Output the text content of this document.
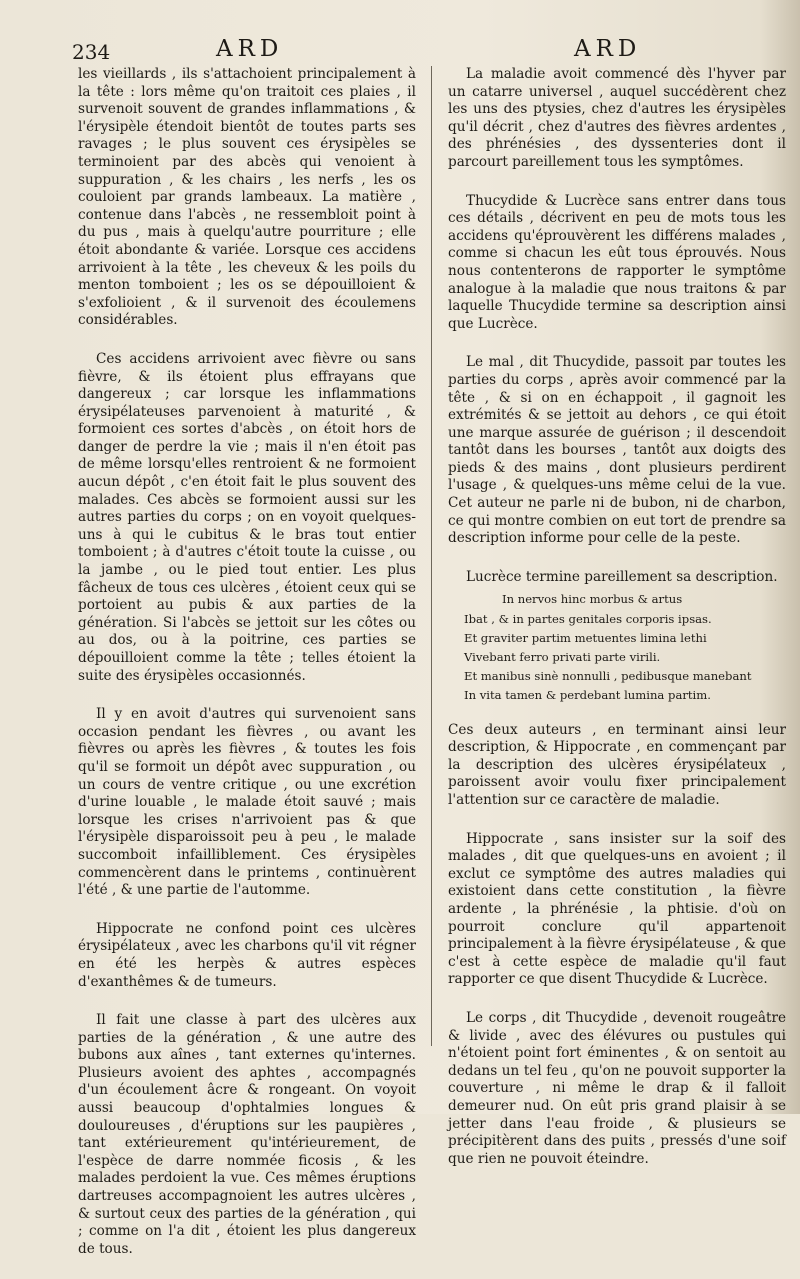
234	ARD	ARD

les vieillards , ils s'attachoient principalement à la tête : lors même qu'on traitoit ces plaies , il survenoit souvent de grandes inflammations , & l'érysipèle étendoit bientôt de toutes parts ses ravages ; le plus souvent ces érysipèles se terminoient par des abcès qui venoient à suppuration , & les chairs , les nerfs , les os couloient par grands lambeaux. La matière , contenue dans l'abcès , ne ressembloit point à du pus , mais à quelqu'autre pourriture ; elle étoit abondante & variée. Lorsque ces accidens arrivoient à la tête , les cheveux & les poils du menton tomboient ; les os se dépouilloient & s'exfolioient , & il survenoit des écoulemens considérables.

Ces accidens arrivoient avec fièvre ou sans fièvre, & ils étoient plus effrayans que dangereux ; car lorsque les inflammations érysipélateuses parvenoient à maturité , & formoient ces sortes d'abcès , on étoit hors de danger de perdre la vie ; mais il n'en étoit pas de même lorsqu'elles rentroient & ne formoient aucun dépôt , c'en étoit fait le plus souvent des malades. Ces abcès se formoient aussi sur les autres parties du corps ; on en voyoit quelques-uns à qui le cubitus & le bras tout entier tomboient ; à d'autres c'étoit toute la cuisse , ou la jambe , ou le pied tout entier. Les plus fâcheux de tous ces ulcères , étoient ceux qui se portoient au pubis & aux parties de la génération. Si l'abcès se jettoit sur les côtes ou au dos, ou à la poitrine, ces parties se dépouilloient comme la tête ; telles étoient la suite des érysipèles occasionnés.

Il y en avoit d'autres qui survenoient sans occasion pendant les fièvres , ou avant les fièvres ou après les fièvres , & toutes les fois qu'il se formoit un dépôt avec suppuration , ou un cours de ventre critique , ou une excrétion d'urine louable , le malade étoit sauvé ; mais lorsque les crises n'arrivoient pas & que l'érysipèle disparoissoit peu à peu , le malade succomboit infailliblement. Ces érysipèles commencèrent dans le printems , continuèrent l'été , & une partie de l'automme.

Hippocrate ne confond point ces ulcères érysipélateux , avec les charbons qu'il vit régner en été les herpès & autres espèces d'exanthêmes & de tumeurs.

Il fait une classe à part des ulcères aux parties de la génération , & une autre des bubons aux aînes , tant externes qu'internes. Plusieurs avoient des aphtes , accompagnés d'un écoulement âcre & rongeant. On voyoit aussi beaucoup d'ophtalmies longues & douloureuses , d'éruptions sur les paupières , tant extérieurement qu'intérieurement, de l'espèce de darre nommée ficosis , & les malades perdoient la vue. Ces mêmes éruptions dartreuses accompagnoient les autres ulcères , & surtout ceux des parties de la génération , qui ; comme on l'a dit , étoient les plus dangereux de tous.

La maladie avoit commencé dès l'hyver par un catarre universel , auquel succédèrent chez les uns des ptysies, chez d'autres les érysipèles qu'il décrit , chez d'autres des fièvres ardentes , des phrénésies , des dyssenteries dont il parcourt pareillement tous les symptômes.

Thucydide & Lucrèce sans entrer dans tous ces détails , décrivent en peu de mots tous les accidens qu'éprouvèrent les différens malades , comme si chacun les eût tous éprouvés. Nous nous contenterons de rapporter le symptôme analogue à la maladie que nous traitons & par laquelle Thucydide termine sa description ainsi que Lucrèce.

Le mal , dit Thucydide, passoit par toutes les parties du corps , après avoir commencé par la tête , & si on en échappoit , il gagnoit les extrémités & se jettoit au dehors , ce qui étoit une marque assurée de guérison ; il descendoit tantôt dans les bourses , tantôt aux doigts des pieds & des mains , dont plusieurs perdirent l'usage , & quelques-uns même celui de la vue. Cet auteur ne parle ni de bubon, ni de charbon, ce qui montre combien on eut tort de prendre sa description informe pour celle de la peste.

Lucrèce termine pareillement sa description.

In nervos hinc morbus & artus
Ibat , & in partes genitales corporis ipsas.
Et graviter partim metuentes limina lethi
Vivebant ferro privati parte virili.
Et manibus sinè nonnulli , pedibusque manebant
In vita tamen & perdebant lumina partim.

Ces deux auteurs , en terminant ainsi leur description, & Hippocrate , en commençant par la description des ulcères érysipélateux , paroissent avoir voulu fixer principalement l'attention sur ce caractère de maladie.

Hippocrate , sans insister sur la soif des malades , dit que quelques-uns en avoient ; il exclut ce symptôme des autres maladies qui existoient dans cette constitution , la fièvre ardente , la phrénésie , la phtisie. d'où on pourroit conclure qu'il appartenoit principalement à la fièvre érysipélateuse , & que c'est à cette espèce de maladie qu'il faut rapporter ce que disent Thucydide & Lucrèce.

Le corps , dit Thucydide , devenoit rougeâtre & livide , avec des élévures ou pustules qui n'étoient point fort éminentes , & on sentoit au dedans un tel feu , qu'on ne pouvoit supporter la couverture , ni même le drap & il falloit demeurer nud. On eût pris grand plaisir à se jetter dans l'eau froide , & plusieurs se précipitèrent dans des puits , pressés d'une soif que rien ne pouvoit éteindre.
